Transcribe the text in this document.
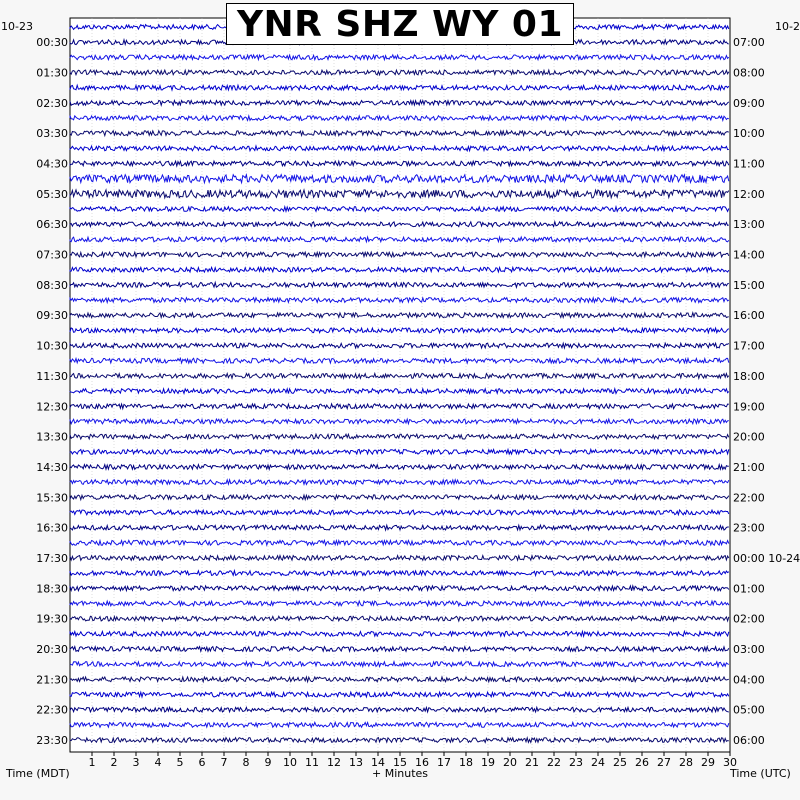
1 2 3 4 5 6 7 8 9 10 11 12 13 14 15 16 17 18 19 20 21 22 23 24 25 26 27 28 29 30
00:30
01:30
02:30
03:30
04:30
05:30
06:30
07:30
08:30
09:30
10:30
11:30
12:30
13:30
14:30
15:30
16:30
17:30
18:30
19:30
20:30
21:30
22:30
23:30
07:00
08:00
09:00
10:00
11:00
12:00
13:00
14:00
15:00
16:00
17:00
18:00
19:00
20:00
21:00
22:00
23:00
00:00 10-24
01:00
02:00
03:00
04:00
05:00
06:00
10-23	10-2
Time (MDT)	+ Minutes	Time (UTC)
YNR SHZ WY 01
